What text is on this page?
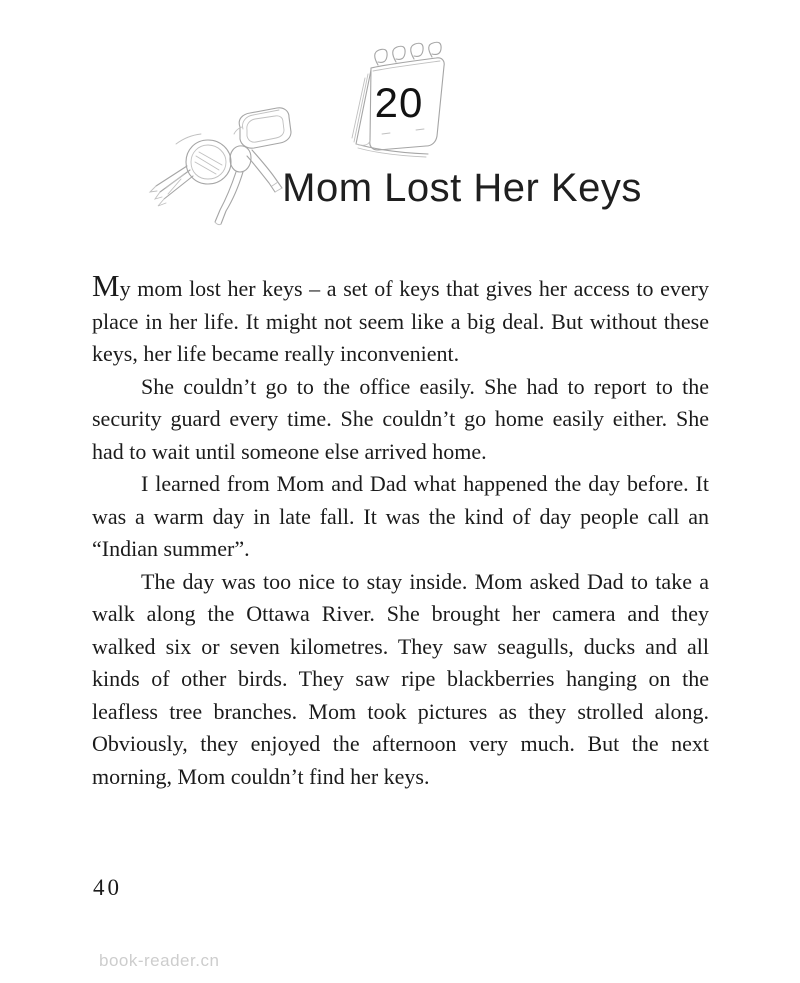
20
Mom Lost Her Keys

My mom lost her keys – a set of keys that gives her access to every place in her life. It might not seem like a big deal. But without these keys, her life became really inconvenient.

She couldn’t go to the office easily. She had to report to the security guard every time. She couldn’t go home easily either. She had to wait until someone else arrived home.

I learned from Mom and Dad what happened the day before. It was a warm day in late fall. It was the kind of day people call an “Indian summer”.

The day was too nice to stay inside. Mom asked Dad to take a walk along the Ottawa River. She brought her camera and they walked six or seven kilometres. They saw seagulls, ducks and all kinds of other birds. They saw ripe blackberries hanging on the leafless tree branches. Mom took pictures as they strolled along. Obviously, they enjoyed the afternoon very much. But the next morning, Mom couldn’t find her keys.

40
book-reader.cn
